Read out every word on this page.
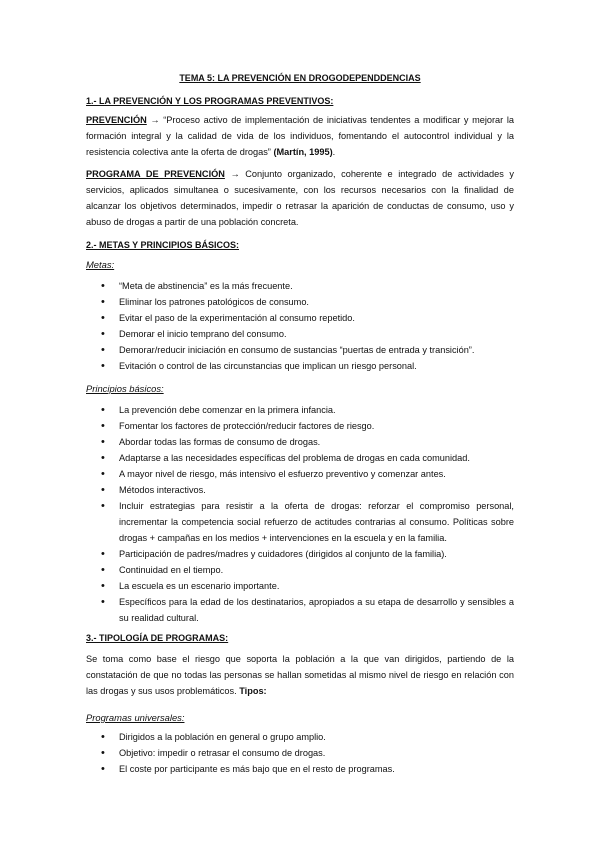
TEMA 5: LA PREVENCIÓN EN DROGODEPENDDENCIAS
1.- LA PREVENCIÓN Y LOS PROGRAMAS PREVENTIVOS:
PREVENCIÓN → “Proceso activo de implementación de iniciativas tendentes a modificar y mejorar la formación integral y la calidad de vida de los individuos, fomentando el autocontrol individual y la resistencia colectiva ante la oferta de drogas” (Martín, 1995).
PROGRAMA DE PREVENCIÓN → Conjunto organizado, coherente e integrado de actividades y servicios, aplicados simultanea o sucesivamente, con los recursos necesarios con la finalidad de alcanzar los objetivos determinados, impedir o retrasar la aparición de conductas de consumo, uso y abuso de drogas a partir de una población concreta.
2.- METAS Y PRINCIPIOS BÁSICOS:
Metas:
• “Meta de abstinencia” es la más frecuente.
• Eliminar los patrones patológicos de consumo.
• Evitar el paso de la experimentación al consumo repetido.
• Demorar el inicio temprano del consumo.
• Demorar/reducir iniciación en consumo de sustancias “puertas de entrada y transición”.
• Evitación o control de las circunstancias que implican un riesgo personal.
Principios básicos:
• La prevención debe comenzar en la primera infancia.
• Fomentar los factores de protección/reducir factores de riesgo.
• Abordar todas las formas de consumo de drogas.
• Adaptarse a las necesidades específicas del problema de drogas en cada comunidad.
• A mayor nivel de riesgo, más intensivo el esfuerzo preventivo y comenzar antes.
• Métodos interactivos.
• Incluir estrategias para resistir a la oferta de drogas: reforzar el compromiso personal, incrementar la competencia social refuerzo de actitudes contrarias al consumo. Políticas sobre drogas + campañas en los medios + intervenciones en la escuela y en la familia.
• Participación de padres/madres y cuidadores (dirigidos al conjunto de la familia).
• Continuidad en el tiempo.
• La escuela es un escenario importante.
• Específicos para la edad de los destinatarios, apropiados a su etapa de desarrollo y sensibles a su realidad cultural.
3.- TIPOLOGÍA DE PROGRAMAS:
Se toma como base el riesgo que soporta la población a la que van dirigidos, partiendo de la constatación de que no todas las personas se hallan sometidas al mismo nivel de riesgo en relación con las drogas y sus usos problemáticos. Tipos:
Programas universales:
• Dirigidos a la población en general o grupo amplio.
• Objetivo: impedir o retrasar el consumo de drogas.
• El coste por participante es más bajo que en el resto de programas.
